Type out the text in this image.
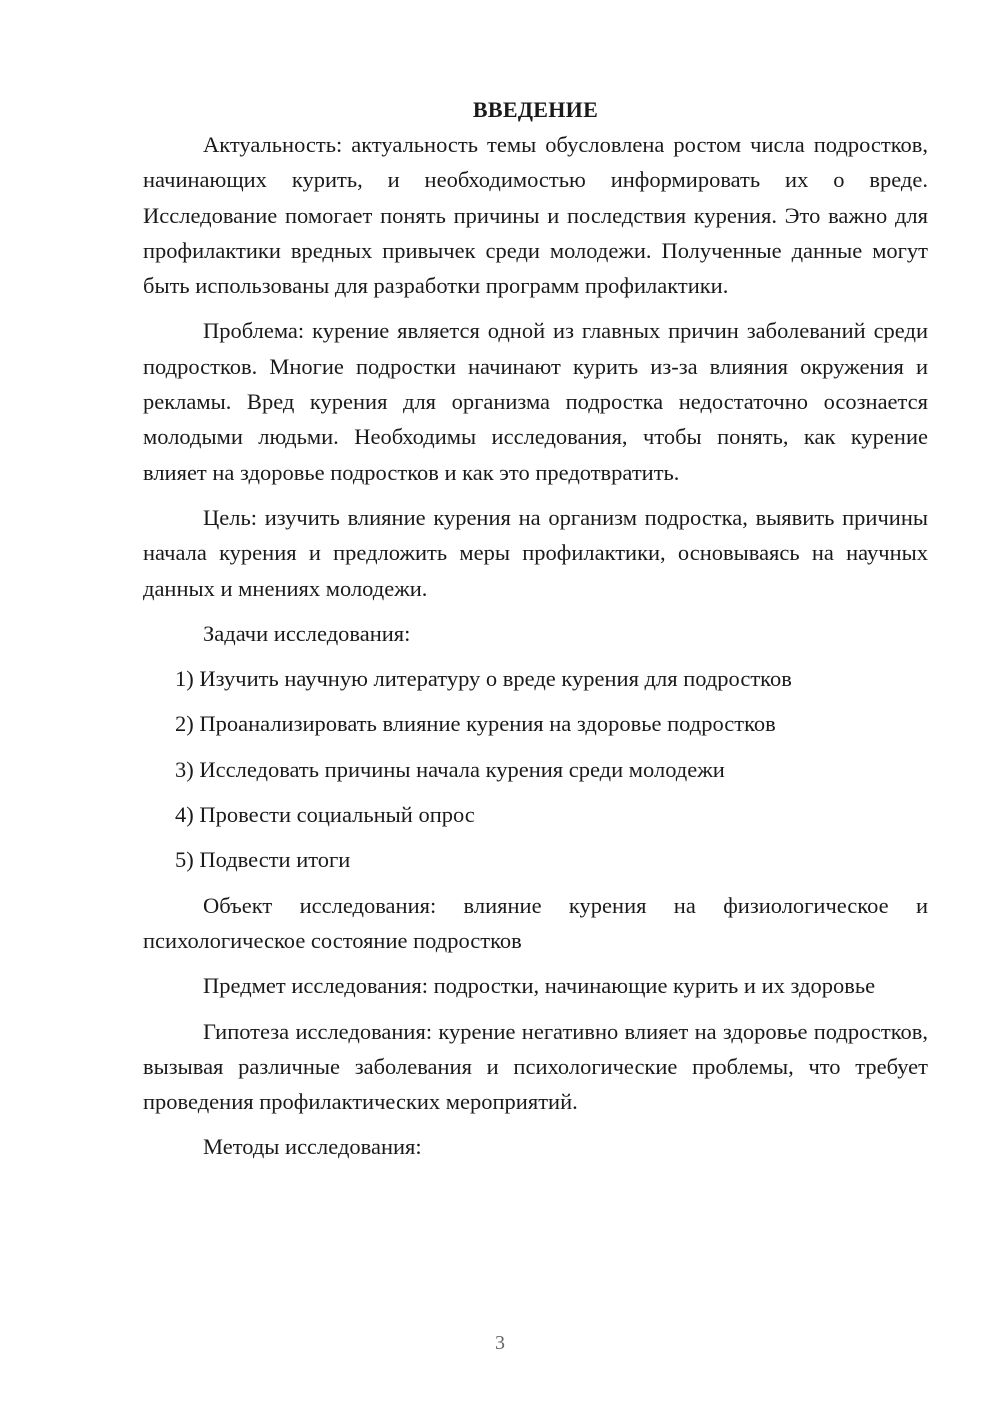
ВВЕДЕНИЕ

Актуальность: актуальность темы обусловлена ростом числа подростков, начинающих курить, и необходимостью информировать их о вреде. Исследование помогает понять причины и последствия курения. Это важно для профилактики вредных привычек среди молодежи. Полученные данные могут быть использованы для разработки программ профилактики.

Проблема: курение является одной из главных причин заболеваний среди подростков. Многие подростки начинают курить из-за влияния окружения и рекламы. Вред курения для организма подростка недостаточно осознается молодыми людьми. Необходимы исследования, чтобы понять, как курение влияет на здоровье подростков и как это предотвратить.

Цель: изучить влияние курения на организм подростка, выявить причины начала курения и предложить меры профилактики, основываясь на научных данных и мнениях молодежи.

Задачи исследования:

1) Изучить научную литературу о вреде курения для подростков
2) Проанализировать влияние курения на здоровье подростков
3) Исследовать причины начала курения среди молодежи
4) Провести социальный опрос
5) Подвести итоги

Объект исследования: влияние курения на физиологическое и психологическое состояние подростков

Предмет исследования: подростки, начинающие курить и их здоровье

Гипотеза исследования: курение негативно влияет на здоровье подростков, вызывая различные заболевания и психологические проблемы, что требует проведения профилактических мероприятий.

Методы исследования:

3
